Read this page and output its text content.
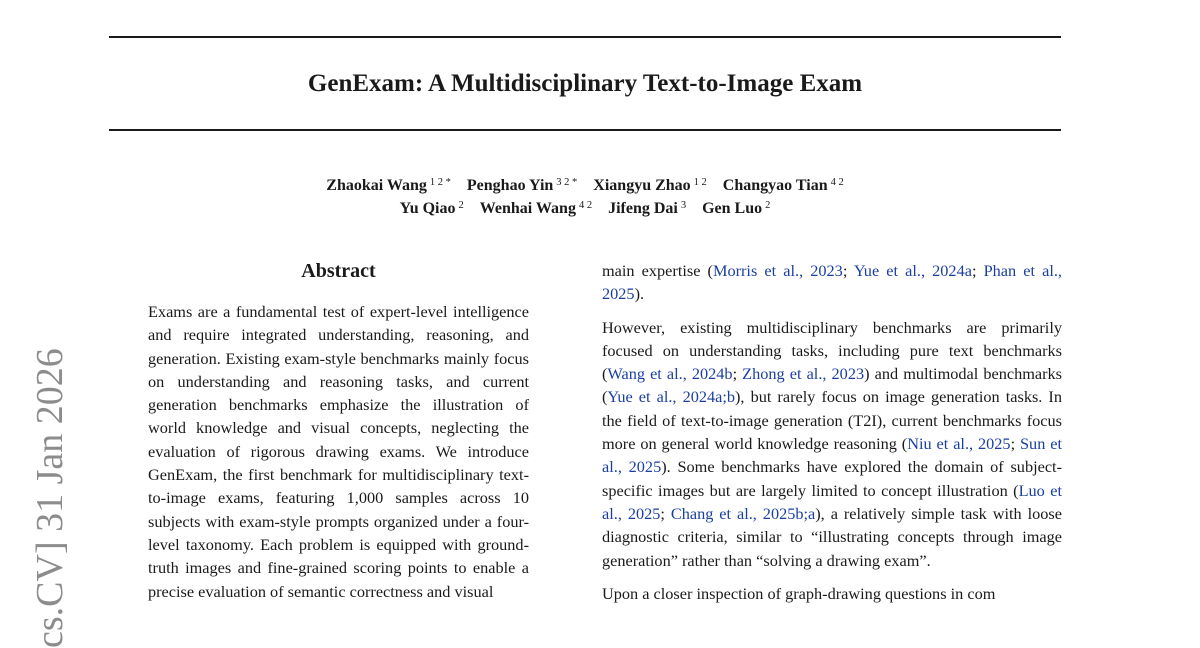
GenExam: A Multidisciplinary Text-to-Image Exam
Zhaokai Wang $^{1 2 *}$ Penghao Yin $^{3 2 *}$ Xiangyu Zhao $^{1 2}$ Changyao Tian $^{4 2}$
Yu Qiao $^2$ Wenhai Wang $^{4 2}$ Jifeng Dai $^3$ Gen Luo $^2$
cs.CV] 31 Jan 2026
Abstract

Exams are a fundamental test of expert-level intelligence and require integrated understanding, reasoning, and generation. Existing exam-style benchmarks mainly focus on understanding and reasoning tasks, and current generation benchmarks emphasize the illustration of world knowledge and visual concepts, neglecting the evaluation of rigorous drawing exams. We introduce GenExam, the first benchmark for multidisciplinary text-to-image exams, featuring 1,000 samples across 10 subjects with exam-style prompts organized under a four-level taxonomy. Each problem is equipped with ground-truth images and fine-grained scoring points to enable a precise evaluation of semantic correctness and visual

main expertise (Morris et al., 2023; Yue et al., 2024a; Phan et al., 2025).

However, existing multidisciplinary benchmarks are primarily focused on understanding tasks, including pure text benchmarks (Wang et al., 2024b; Zhong et al., 2023) and multimodal benchmarks (Yue et al., 2024a;b), but rarely focus on image generation tasks. In the field of text-to-image generation (T2I), current benchmarks focus more on general world knowledge reasoning (Niu et al., 2025; Sun et al., 2025). Some benchmarks have explored the domain of subject-specific images but are largely limited to concept illustration (Luo et al., 2025; Chang et al., 2025b;a), a relatively simple task with loose diagnostic criteria, similar to “illustrating concepts through image generation” rather than “solving a drawing exam”.

Upon a closer inspection of graph-drawing questions in com
